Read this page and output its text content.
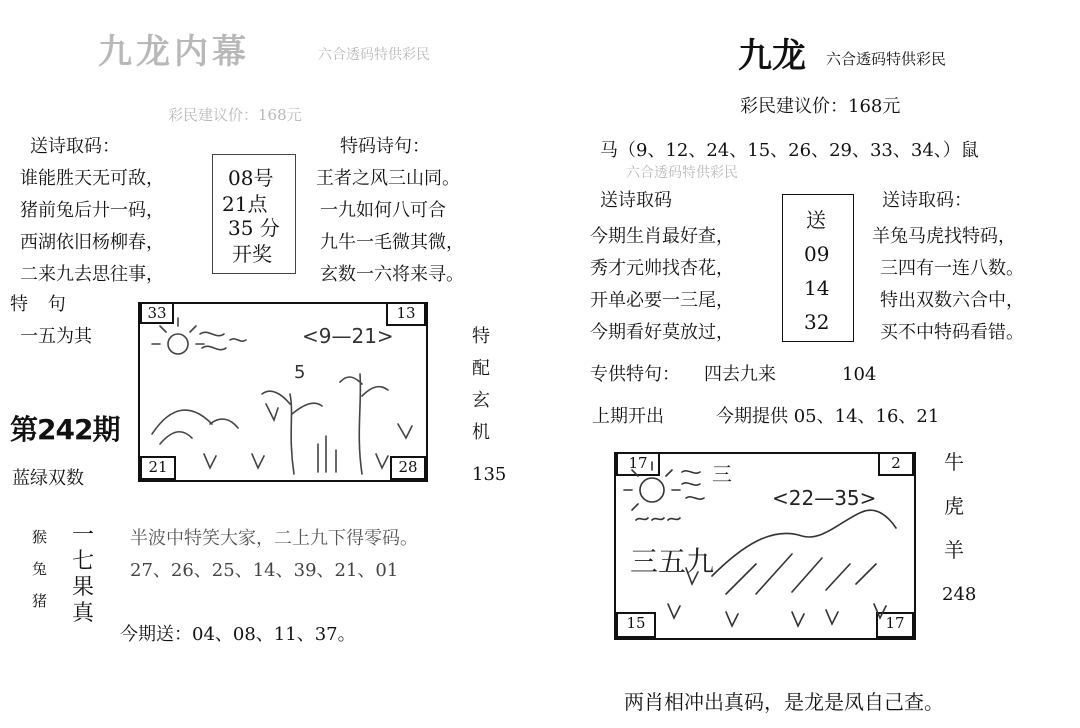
九龙内幕	六合透码特供彩民
彩民建议价：168元
送诗取码：	特码诗句：
谁能胜天无可敌，
猪前兔后廾一码，
西湖依旧杨柳春，
二来九去思往事，
08号
21点
35 分
开奖
王者之风三山同。
一九如何八可合
九牛一毛微其微，
玄数一六将来寻。
特 句
一五为其
33	13
21	28
<9—21>
5
特
配
玄
机
135
第242期
蓝绿双数
猴
兔
猪
一
七
果
真
半波中特笑大家，二上九下得零码。
27、26、25、14、39、21、01
今期送：04、08、11、37。
九龙 六合透码特供彩民
彩民建议价：168元
马（9、12、24、15、26、29、33、34、）鼠
六合透码特供彩民
送诗取码	送诗取码：
今期生肖最好查，
秀才元帅找杏花，
开单必要一三尾，
今期看好莫放过，
送
09
14
32
羊兔马虎找特码，
三四有一连八数。
特出双数六合中，
买不中特码看错。
专供特句： 四去九来	104
上期开出	今期提供 05、14、16、21
17	2
15	17
三
<22—35>
三五九
牛
虎
羊
248
两肖相冲出真码，是龙是凤自己查。
